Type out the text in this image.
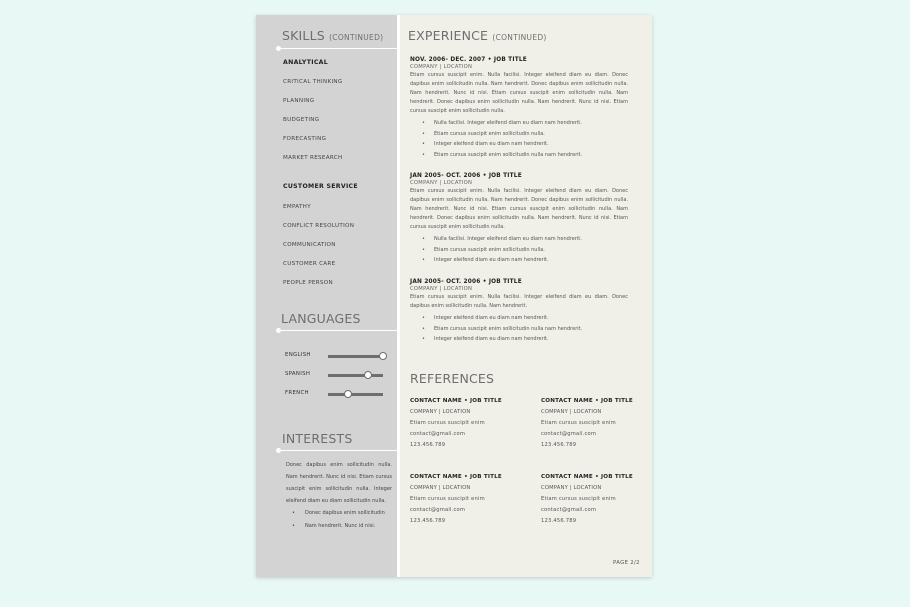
SKILLS (CONTINUED)
ANALYTICAL
CRITICAL THINKING
PLANNING
BUDGETING
FORECASTING
MARKET RESEARCH
CUSTOMER SERVICE
EMPATHY
CONFLICT RESOLUTION
COMMUNICATION
CUSTOMER CARE
PEOPLE PERSON
LANGUAGES
ENGLISH
SPANISH
FRENCH
INTERESTS
Donec dapibus enim sollicitudin nulla. Nam hendrerit. Nunc id nisi. Etiam cursus suscipit enim sollicitudin nulla. Integer eleifend diam eu diam sollicitudin nulla.
• Donec dapibus enim sollicitudin
• Nam hendrerit. Nunc id nisi.
EXPERIENCE (CONTINUED)
NOV. 2006- DEC. 2007 • JOB TITLE
COMPANY | LOCATION
Etiam cursus suscipit enim. Nulla facilisi. Integer eleifend diam eu diam. Donec dapibus enim sollicitudin nulla. Nam hendrerit. Donec dapibus enim sollicitudin nulla. Nam hendrerit. Nunc id nisi. Etiam cursus suscipit enim sollicitudin nulla. Nam hendrerit. Donec dapibus enim sollicitudin nulla. Nam hendrerit. Nunc id nisi. Etiam cursus suscipit enim sollicitudin nulla.
• Nulla facilisi. Integer eleifend diam eu diam nam hendrerit.
• Etiam cursus suscipit enim sollicitudin nulla.
• Integer eleifend diam eu diam nam hendrerit.
• Etiam cursus suscipit enim sollicitudin nulla nam hendrerit.
JAN 2005- OCT. 2006 • JOB TITLE
COMPANY | LOCATION
Etiam cursus suscipit enim. Nulla facilisi. Integer eleifend diam eu diam. Donec dapibus enim sollicitudin nulla. Nam hendrerit. Donec dapibus enim sollicitudin nulla. Nam hendrerit. Nunc id nisi. Etiam cursus suscipit enim sollicitudin nulla. Nam hendrerit. Donec dapibus enim sollicitudin nulla. Nam hendrerit. Nunc id nisi. Etiam cursus suscipit enim sollicitudin nulla.
• Nulla facilisi. Integer eleifend diam eu diam nam hendrerit.
• Etiam cursus suscipit enim sollicitudin nulla.
• Integer eleifend diam eu diam nam hendrerit.
JAN 2005- OCT. 2006 • JOB TITLE
COMPANY | LOCATION
Etiam cursus suscipit enim. Nulla facilisi. Integer eleifend diam eu diam. Donec dapibus enim sollicitudin nulla. Nam hendrerit.
• Integer eleifend diam eu diam nam hendrerit.
• Etiam cursus suscipit enim sollicitudin nulla nam hendrerit.
• Integer eleifend diam eu diam nam hendrerit.
REFERENCES
CONTACT NAME • JOB TITLE
COMPANY | LOCATION
Etiam cursus suscipit enim
contact@gmail.com
123.456.789
CONTACT NAME • JOB TITLE
COMPANY | LOCATION
Etiam cursus suscipit enim
contact@gmail.com
123.456.789
CONTACT NAME • JOB TITLE
COMPANY | LOCATION
Etiam cursus suscipit enim
contact@gmail.com
123.456.789
CONTACT NAME • JOB TITLE
COMPANY | LOCATION
Etiam cursus suscipit enim
contact@gmail.com
123.456.789
PAGE 2/2
